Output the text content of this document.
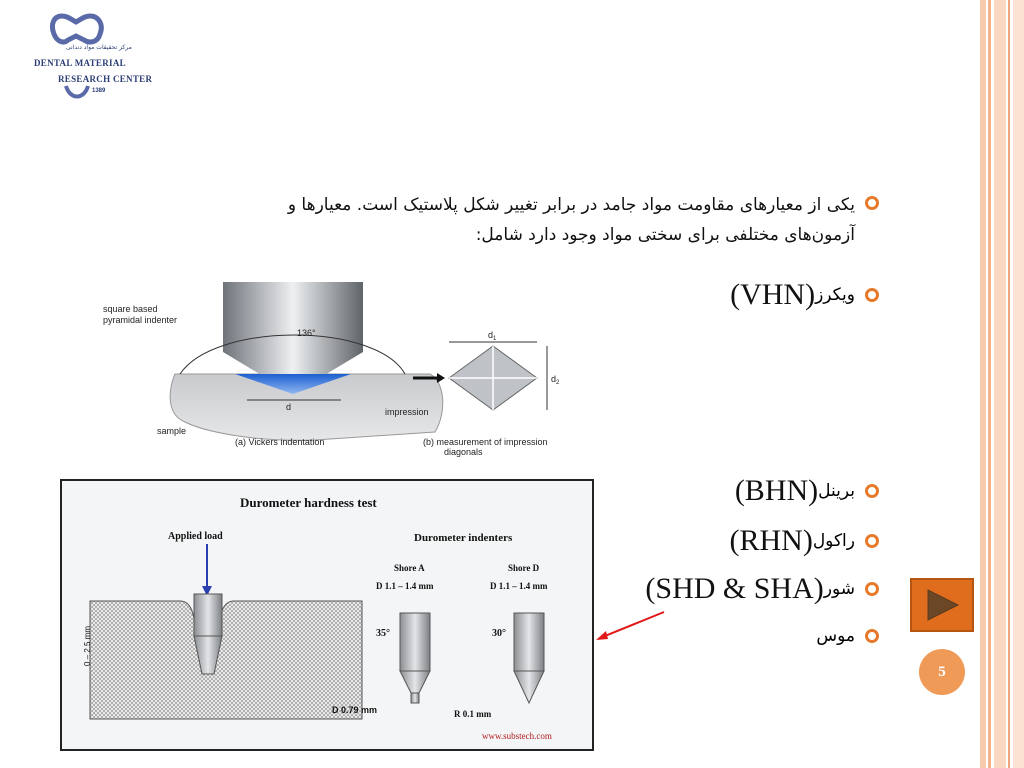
مرکز تحقیقات مواد دندانی
DENTAL MATERIAL
RESEARCH CENTER
1389
یکی از معیارهای مقاومت مواد جامد در برابر تغییر شکل پلاستیک است. معیارها و
آزمون‌های مختلفی برای سختی مواد وجود دارد شامل:
ویکرز
(VHN)
برینل
(BHN)
راکول
(RHN)
شور
(SHD & SHA)
موس
square based
pyramidal indenter
136°
d
$d_1$
$d_2$
impression
sample
(a) Vickers indentation	(b) measurement of impression
diagonals
Durometer hardness test
Applied load
0 – 2.5 mm
Durometer indenters
Shore A	Shore D
D 1.1 – 1.4 mm	D 1.1 – 1.4 mm
35°	30°
D 0.79 mm	R 0.1 mm
www.substech.com
5
